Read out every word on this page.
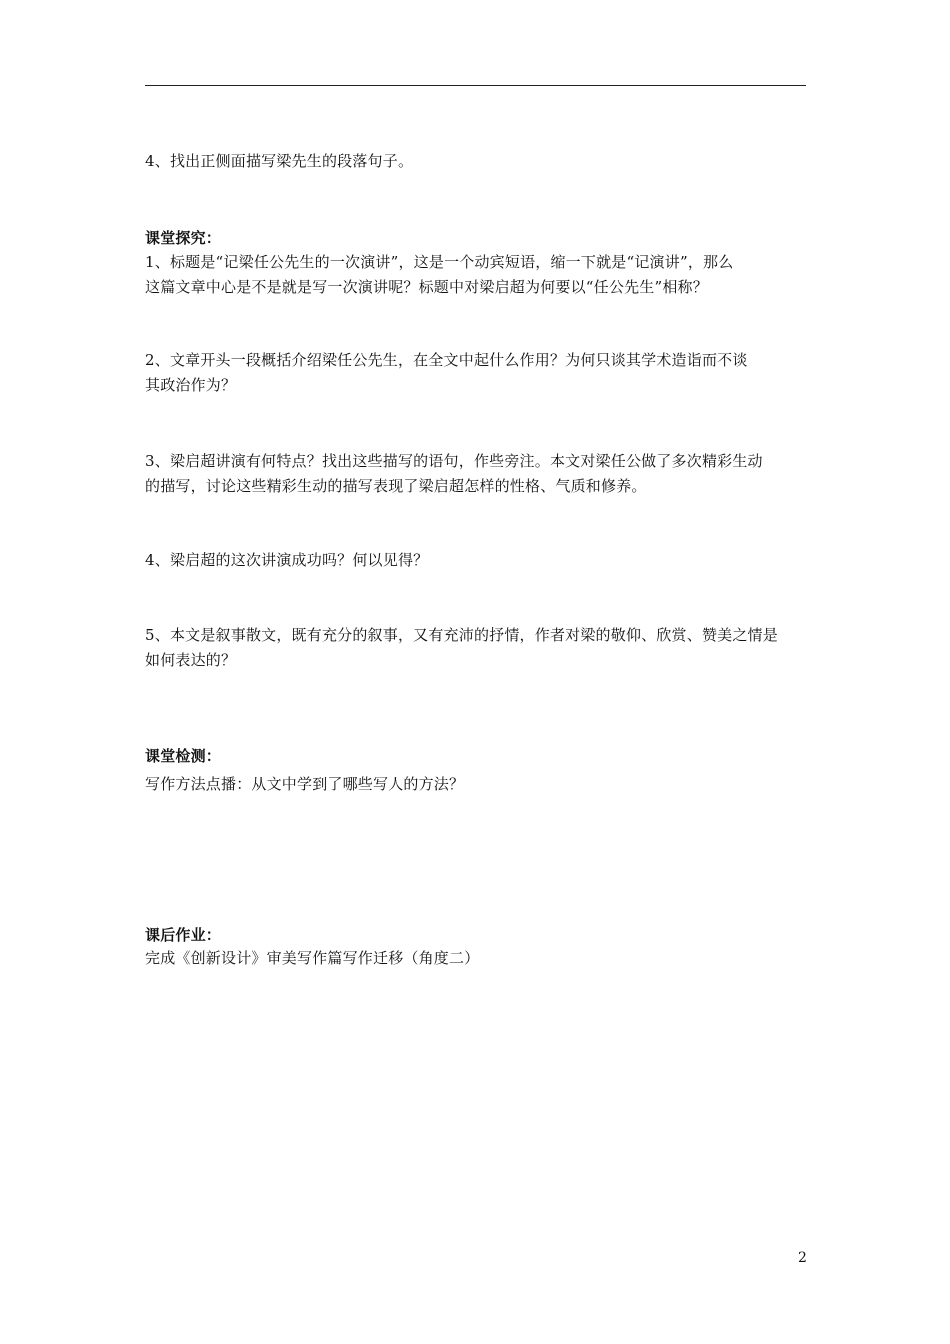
4、找出正侧面描写梁先生的段落句子。
课堂探究：
1、标题是“记梁任公先生的一次演讲”，这是一个动宾短语，缩一下就是“记演讲”，那么
这篇文章中心是不是就是写一次演讲呢？标题中对梁启超为何要以“任公先生”相称？
2、文章开头一段概括介绍梁任公先生，在全文中起什么作用？为何只谈其学术造诣而不谈
其政治作为？
3、梁启超讲演有何特点？找出这些描写的语句，作些旁注。本文对梁任公做了多次精彩生动
的描写，讨论这些精彩生动的描写表现了梁启超怎样的性格、气质和修养。
4、梁启超的这次讲演成功吗？何以见得？
5、本文是叙事散文，既有充分的叙事，又有充沛的抒情，作者对梁的敬仰、欣赏、赞美之情是
如何表达的？
课堂检测：
写作方法点播：从文中学到了哪些写人的方法？
课后作业：
完成《创新设计》审美写作篇写作迁移（角度二）
2
